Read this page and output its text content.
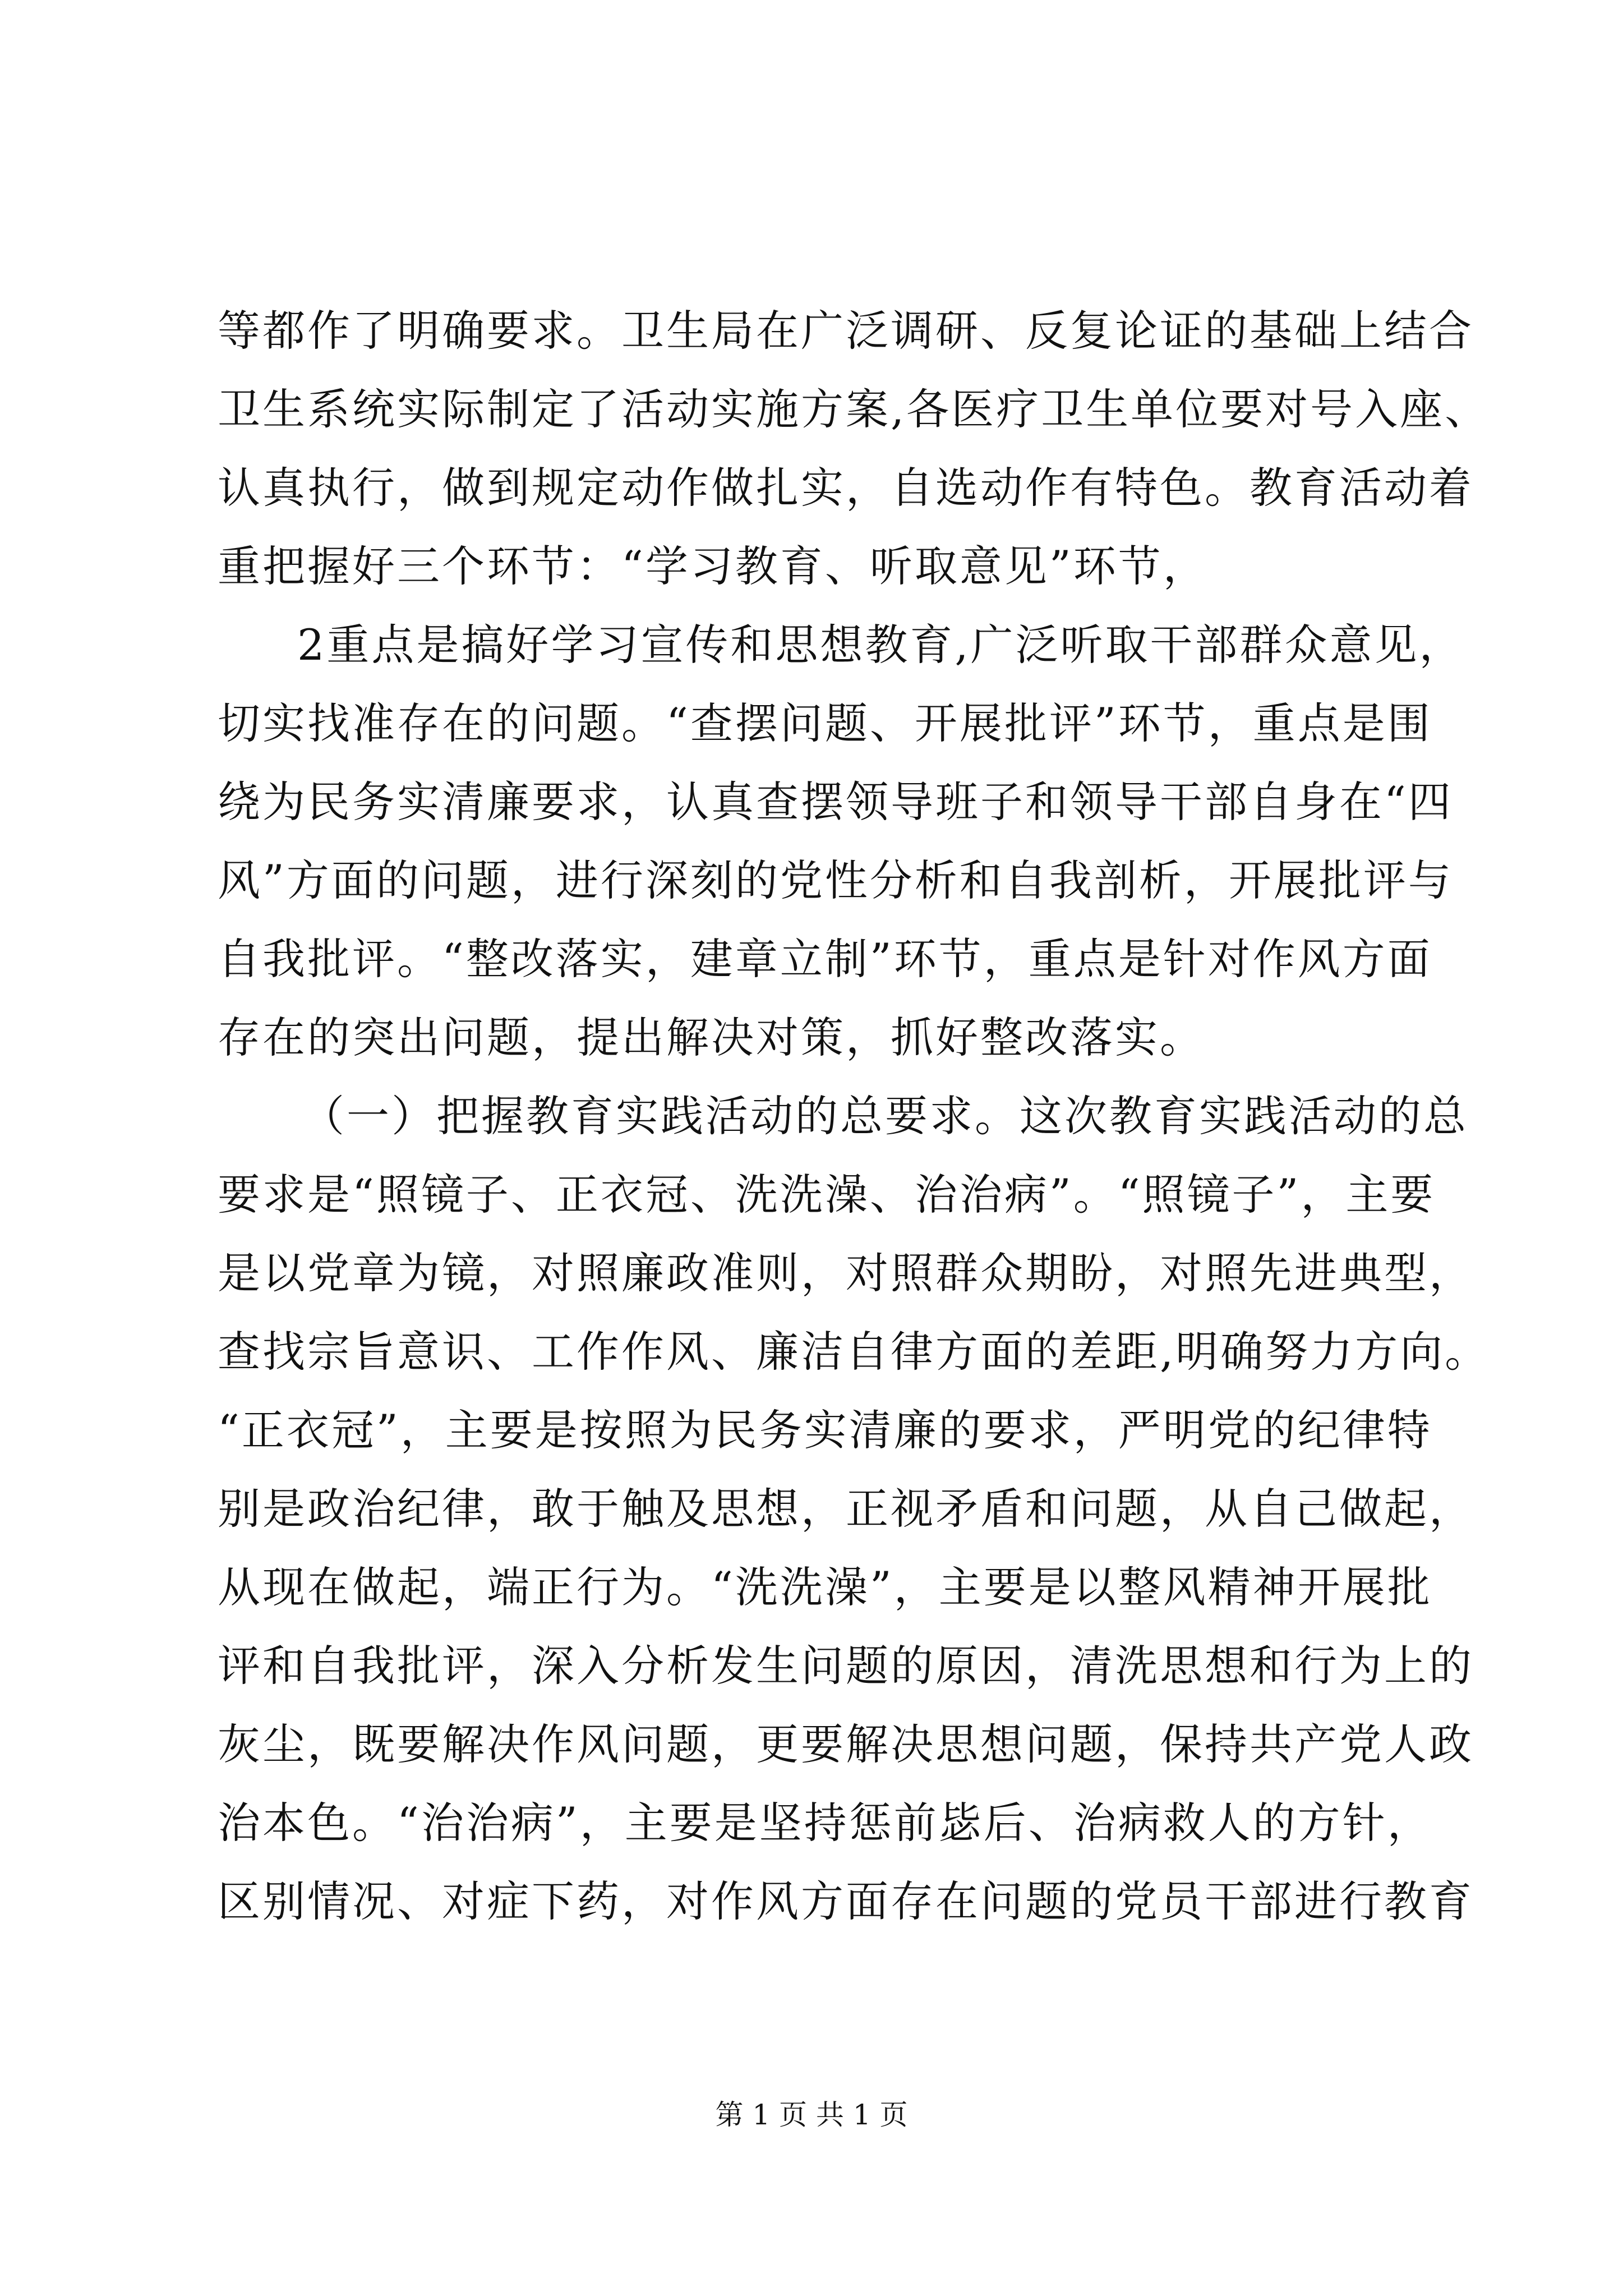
等都作了明确要求。卫生局在广泛调研、反复论证的基础上结合
卫生系统实际制定了活动实施方案,各医疗卫生单位要对号入座、
认真执行，做到规定动作做扎实，自选动作有特色。教育活动着
重把握好三个环节：“学习教育、听取意见”环节，
2重点是搞好学习宣传和思想教育,广泛听取干部群众意见，
切实找准存在的问题。“查摆问题、开展批评”环节，重点是围
绕为民务实清廉要求，认真查摆领导班子和领导干部自身在“四
风”方面的问题，进行深刻的党性分析和自我剖析，开展批评与
自我批评。“整改落实，建章立制”环节，重点是针对作风方面
存在的突出问题，提出解决对策，抓好整改落实。
（一）把握教育实践活动的总要求。这次教育实践活动的总
要求是“照镜子、正衣冠、洗洗澡、治治病”。“照镜子”，主要
是以党章为镜，对照廉政准则，对照群众期盼，对照先进典型，
查找宗旨意识、工作作风、廉洁自律方面的差距,明确努力方向。
“正衣冠”，主要是按照为民务实清廉的要求，严明党的纪律特
别是政治纪律，敢于触及思想，正视矛盾和问题，从自己做起，
从现在做起，端正行为。“洗洗澡”，主要是以整风精神开展批
评和自我批评，深入分析发生问题的原因，清洗思想和行为上的
灰尘，既要解决作风问题，更要解决思想问题，保持共产党人政
治本色。“治治病”，主要是坚持惩前毖后、治病救人的方针，
区别情况、对症下药，对作风方面存在问题的党员干部进行教育
第 1 页 共 1 页
